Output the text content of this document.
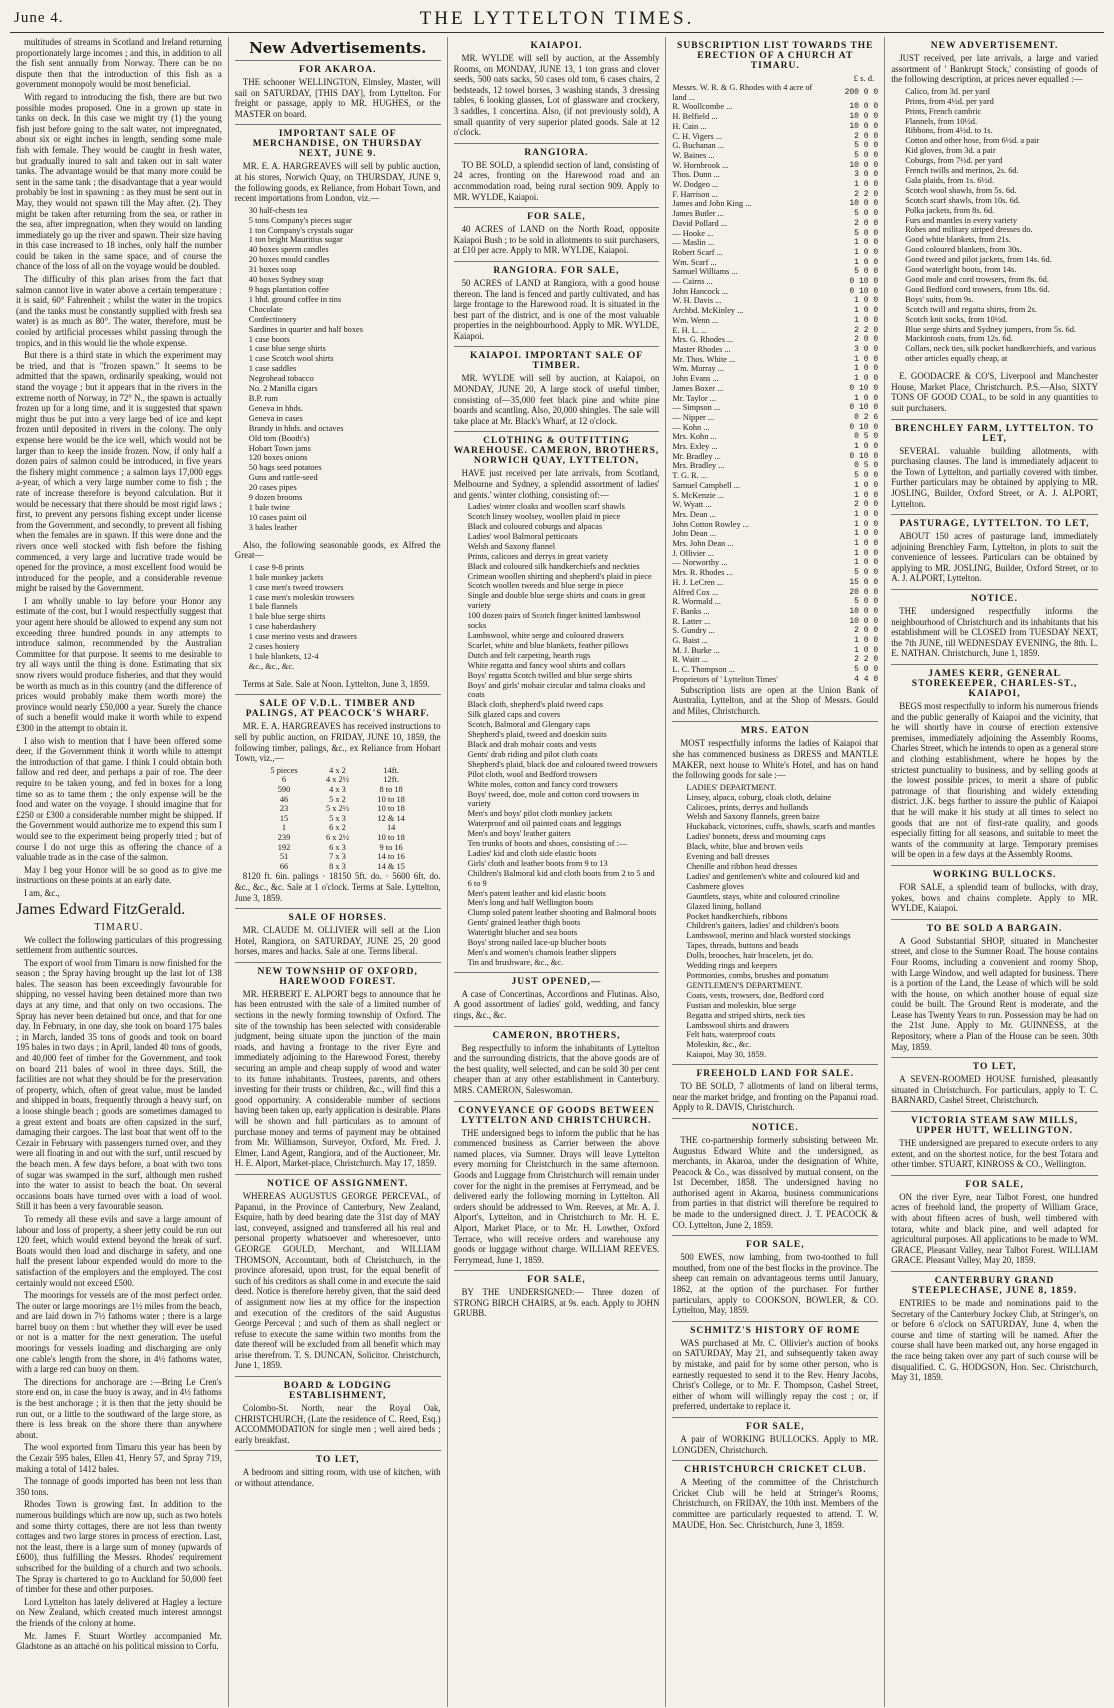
June 4.	THE LYTTELTON TIMES.

multitudes of streams in Scotland and Ireland returning proportionately large incomes ; and this, in addition to all the fish sent annually from Norway. There can be no dispute then that the introduction of this fish as a government monopoly would be most beneficial.

With regard to introducing the fish, there are but two possible modes proposed. One in a grown up state in tanks on deck. In this case we might try (1) the young fish just before going to the salt water, not impregnated, about six or eight inches in length, sending some male fish with female. They would be caught in fresh water, but gradually inured to salt and taken out in salt water tanks. The advantage would be that many more could be sent in the same tank ; the disadvantage that a year would probably be lost in spawning : as they must be sent out in May, they would not spawn till the May after. (2). They might be taken after returning from the sea, or rather in the sea, after impregnation, when they would on landing immediately go up the river and spawn. Their size having in this case increased to 18 inches, only half the number could be taken in the same space, and of course the chance of the loss of all on the voyage would be doubled.

The difficulty of this plan arises from the fact that salmon cannot live in water above a certain temperature : it is said, 60° Fahrenheit ; whilst the water in the tropics (and the tanks must be constantly supplied with fresh sea water) is as much as 80°. The water, therefore, must be cooled by artificial processes whilst passing through the tropics, and in this would lie the whole expense.

But there is a third state in which the experiment may be tried, and that is "frozen spawn." It seems to be admitted that the spawn, ordinarily speaking, would not stand the voyage ; but it appears that in the rivers in the extreme north of Norway, in 72° N., the spawn is actually frozen up for a long time, and it is suggested that spawn might thus be put into a very large bed of ice and kept frozen until deposited in rivers in the colony. The only expense here would be the ice well, which would not be larger than to keep the inside frozen. Now, if only half a dozen pairs of salmon could be introduced, in five years the fishery might commence ; a salmon lays 17,000 eggs a-year, of which a very large number come to fish ; the rate of increase therefore is beyond calculation. But it would be necessary that there should be most rigid laws ; first, to prevent any persons fishing except under license from the Government, and secondly, to prevent all fishing when the females are in spawn. If this were done and the rivers once well stocked with fish before the fishing commenced, a very large and lucrative trade would be opened for the province, a most excellent food would be introduced for the people, and a considerable revenue might be raised by the Government.

I am wholly unable to lay before your Honor any estimate of the cost, but I would respectfully suggest that your agent here should be allowed to expend any sum not exceeding three hundred pounds in any attempts to introduce salmon, recommended by the Australian Committee for that purpose. It seems to me desirable to try all ways until the thing is done. Estimating that six snow rivers would produce fisheries, and that they would be worth as much as in this country (and the difference of prices would probably make them worth more) the province would nearly £50,000 a year. Surely the chance of such a benefit would make it worth while to expend £300 in the attempt to obtain it.

I also wish to mention that I have been offered some deer, if the Government think it worth while to attempt the introduction of that game. I think I could obtain both fallow and red deer, and perhaps a pair of roe. The deer require to be taken young, and fed in boxes for a long time so as to tame them ; the only expense will be the food and water on the voyage. I should imagine that for £250 or £300 a considerable number might be shipped. If the Government would authorize me to expend this sum I would see to the experiment being properly tried ; but of course I do not urge this as offering the chance of a valuable trade as in the case of the salmon.

May I beg your Honor will be so good as to give me instructions on these points at an early date.

I am, &c.,

James Edward FitzGerald.
TIMARU.

We collect the following particulars of this progressing settlement from authentic sources.

The export of wool from Timaru is now finished for the season ; the Spray having brought up the last lot of 138 bales. The season has been exceedingly favourable for shipping, no vessel having been detained more than two days at any time, and that only on two occasions. The Spray has never been detained but once, and that for one day. In February, in one day, she took on board 175 bales ; in March, landed 35 tons of goods and took on board 195 bales in two days ; in April, landed 40 tons of goods, and 40,000 feet of timber for the Government, and took on board 211 bales of wool in three days. Still, the facilities are not what they should be for the preservation of property, which, often of great value, must be landed and shipped in boats, frequently through a heavy surf, on a loose shingle beach ; goods are sometimes damaged to a great extent and boats are often capsized in the surf, damaging their cargoes. The last boat that went off to the Cezair in February with passengers turned over, and they were all floating in and out with the surf, until rescued by the beach men. A few days before, a boat with two tons of sugar was swamped in the surf, although men rushed into the water to assist to beach the boat. On several occasions boats have turned over with a load of wool. Still it has been a very favourable season.

To remedy all these evils and save a large amount of labour and loss of property, a sheer jetty could be run out 120 feet, which would extend beyond the break of surf. Boats would then load and discharge in safety, and one half the present labour expended would do more to the satisfaction of the employers and the employed. The cost certainly would not exceed £500.

The moorings for vessels are of the most perfect order. The outer or large moorings are 1½ miles from the beach, and are laid down in 7½ fathoms water ; there is a large barrel buoy on them : but whether they will ever be used or not is a matter for the next generation. The useful moorings for vessels loading and discharging are only one cable's length from the shore, in 4½ fathoms water, with a large red can buoy on them.

The directions for anchorage are :—Bring Le Cren's store end on, in case the buoy is away, and in 4½ fathoms is the best anchorage ; it is then that the jetty should be run out, or a little to the southward of the large store, as there is less break on the shore there than anywhere about.

The wool exported from Timaru this year has been by the Cezair 595 bales, Ellen 41, Henry 57, and Spray 719, making a total of 1412 bales.

The tonnage of goods imported has been not less than 350 tons.

Rhodes Town is growing fast. In addition to the numerous buildings which are now up, such as two hotels and some thirty cottages, there are not less than twenty cottages and two large stores in process of erection. Last, not the least, there is a large sum of money (upwards of £600), thus fulfilling the Messrs. Rhodes' requirement subscribed for the building of a church and two schools. The Spray is chartered to go to Auckland for 50,000 feet of timber for these and other purposes.

Lord Lyttelton has lately delivered at Hagley a lecture on New Zealand, which created much interest amongst the friends of the colony at home.

Mr. James F. Stuart Wortley accompanied Mr. Gladstone as an attaché on his political mission to Corfu.

New Advertisements.
FOR AKAROA.

THE schooner WELLINGTON, Elmsley, Master, will sail on SATURDAY, [THIS DAY], from Lyttelton. For freight or passage, apply to MR. HUGHES, or the MASTER on board.

IMPORTANT SALE OF MERCHANDISE, ON THURSDAY NEXT, JUNE 9.

MR. E. A. HARGREAVES will sell by public auction, at his stores, Norwich Quay, on THURSDAY, JUNE 9, the following goods, ex Reliance, from Hobart Town, and recent importations from London, viz.—

30 half-chests tea
5 tons Company's pieces sugar
1 ton Company's crystals sugar
1 ton bright Mauritius sugar
40 boxes sperm candles
20 boxes mould candles
31 boxes soap
40 boxes Sydney soap
9 bags plantation coffee
1 hhd. ground coffee in tins
Chocolate
Confectionery
Sardines in quarter and half boxes
1 case boots
1 case blue serge shirts
1 case Scotch wool shirts
1 case saddles
Negrohead tobacco
No. 2 Manilla cigars
B.P. rum
Geneva in hhds.
Geneva in cases
Brandy in hhds. and octaves
Old tom (Booth's)
Hobart Town jams
120 boxes onions
50 bags seed potatoes
Guns and rattle-seed
20 cases pipes
9 dozen brooms
1 bale twine
10 cases paint oil
3 bales leather

Also, the following seasonable goods, ex Alfred the Great—

1 case 9-8 prints
1 bale monkey jackets
1 case men's tweed trowsers
1 case men's moleskin trowsers
1 bale flannels
1 bale blue serge shirts
1 case haberdashery
1 case merino vests and drawers
2 cases hosiery
1 bale blankets, 12-4
&c., &c., &c.

Terms at Sale. Sale at Noon. Lyttelton, June 3, 1859.

SALE OF V.D.L. TIMBER AND PALINGS, AT PEACOCK'S WHARF.

MR. E. A. HARGREAVES has received instructions to sell by public auction, on FRIDAY, JUNE 10, 1859, the following timber, palings, &c., ex Reliance from Hobart Town, viz.,—

5 pieces	4 x 2	14ft.
6	4 x 2½	12ft.
590	4 x 3	8 to 18
46	5 x 2	10 to 18
23	5 x 2½	10 to 18
15	5 x 3	12 & 14
1	6 x 2	14
239	6 x 2½	10 to 18
192	6 x 3	9 to 16
51	7 x 3	14 to 16
66	8 x 3	14 & 15

8120 ft. 6in. palings · 18150 5ft. do. · 5600 6ft. do. &c., &c., &c. Sale at 1 o'clock. Terms at Sale. Lyttelton, June 3, 1859.

SALE OF HORSES.

MR. CLAUDE M. OLLIVIER will sell at the Lion Hotel, Rangiora, on SATURDAY, JUNE 25, 20 good horses, mares and hacks. Sale at one. Terms liberal.

NEW TOWNSHIP OF OXFORD, HAREWOOD FOREST.

MR. HERBERT E. ALPORT begs to announce that he has been entrusted with the sale of a limited number of sections in the newly forming township of Oxford. The site of the township has been selected with considerable judgment, being situate upon the junction of the main roads, and having a frontage to the river Eyre and immediately adjoining to the Harewood Forest, thereby securing an ample and cheap supply of wood and water to its future inhabitants. Trustees, parents, and others investing for their trusts or children, &c., will find this a good opportunity. A considerable number of sections having been taken up, early application is desirable. Plans will be shown and full particulars as to amount of purchase money and terms of payment may be obtained from Mr. Williamson, Surveyor, Oxford, Mr. Fred. J. Elmer, Land Agent, Rangiora, and of the Auctioneer, Mr. H. E. Alport, Market-place, Christchurch. May 17, 1859.

NOTICE OF ASSIGNMENT.

WHEREAS AUGUSTUS GEORGE PERCEVAL, of Papanui, in the Province of Canterbury, New Zealand, Esquire, hath by deed bearing date the 31st day of MAY last, conveyed, assigned and transferred all his real and personal property whatsoever and wheresoever, unto GEORGE GOULD, Merchant, and WILLIAM THOMSON, Accountant, both of Christchurch, in the province aforesaid, upon trust, for the equal benefit of such of his creditors as shall come in and execute the said deed. Notice is therefore hereby given, that the said deed of assignment now lies at my office for the inspection and execution of the creditors of the said Augustus George Perceval ; and such of them as shall neglect or refuse to execute the same within two months from the date thereof will be excluded from all benefit which may arise therefrom. T. S. DUNCAN, Solicitor. Christchurch, June 1, 1859.

BOARD & LODGING ESTABLISHMENT,

Colombo-St. North, near the Royal Oak, CHRISTCHURCH, (Late the residence of C. Reed, Esq.) ACCOMMODATION for single men ; well aired beds ; early breakfast.

TO LET,

A bedroom and sitting room, with use of kitchen, with or without attendance.

KAIAPOI.

MR. WYLDE will sell by auction, at the Assembly Rooms, on MONDAY, JUNE 13, 1 ton grass and clover seeds, 500 oats sacks, 50 cases old tom, 6 cases chairs, 2 bedsteads, 12 towel horses, 3 washing stands, 3 dressing tables, 6 looking glasses, Lot of glassware and crockery, 3 saddles, 1 concertina. Also, (if not previously sold), A small quantity of very superior plated goods. Sale at 12 o'clock.

RANGIORA.

TO BE SOLD, a splendid section of land, consisting of 24 acres, fronting on the Harewood road and an accommodation road, being rural section 909. Apply to MR. WYLDE, Kaiapoi.

FOR SALE,

40 ACRES of LAND on the North Road, opposite Kaiapoi Bush ; to be sold in allotments to suit purchasers, at £10 per acre. Apply to MR. WYLDE, Kaiapoi.

RANGIORA. FOR SALE,

50 ACRES of LAND at Rangiora, with a good house thereon. The land is fenced and partly cultivated, and has large frontage to the Harewood road. It is situated in the best part of the district, and is one of the most valuable properties in the neighbourhood. Apply to MR. WYLDE, Kaiapoi.

KAIAPOI. IMPORTANT SALE OF TIMBER.

MR. WYLDE will sell by auction, at Kaiapoi, on MONDAY, JUNE 20, A large stock of useful timber, consisting of—35,000 feet black pine and white pine boards and scantling. Also, 20,000 shingles. The sale will take place at Mr. Black's Wharf, at 12 o'clock.

CLOTHING & OUTFITTING WAREHOUSE. CAMERON, BROTHERS, NORWICH QUAY, LYTTELTON,

HAVE just received per late arrivals, from Scotland, Melbourne and Sydney, a splendid assortment of ladies' and gents.' winter clothing, consisting of:—

Ladies' winter cloaks and woollen scarf shawls
Scotch linsey woolsey, woollen plaid in piece
Black and coloured coburgs and alpacas
Ladies' wool Balmoral petticoats
Welsh and Saxony flannel
Prints, calicoes and derrys in great variety
Black and coloured silk handkerchiefs and neckties
Crimean woollen shirting and shepherd's plaid in piece
Scotch woollen tweeds and blue serge in piece
Single and double blue serge shirts and coats in great variety
100 dozen pairs of Scotch finger knitted lambswool socks
Lambswool, white serge and coloured drawers
Scarlet, white and blue blankets, feather pillows
Dutch and felt carpeting, hearth rugs
White regatta and fancy wool shirts and collars
Boys' regatta Scotch twilled and blue serge shirts
Boys' and girls' mohair circular and talma cloaks and coats
Black cloth, shepherd's plaid tweed caps
Silk glazed caps and covers
Scotch, Balmoral and Glengary caps
Shepherd's plaid, tweed and doeskin suits
Black and drab mohair coats and vests
Gents' drab riding and pilot cloth coats
Shepherd's plaid, black doe and coloured tweed trowsers
Pilot cloth, wool and Bedford trowsers
White moles, cotton and fancy cord trowsers
Boys' tweed, doe, mole and cotton cord trowsers in variety
Men's and boys' pilot cloth monkey jackets
Waterproof and oil painted coats and leggings
Men's and boys' leather gaiters
Ten trunks of boots and shoes, consisting of :—
Ladies' kid and cloth side elastic boots
Girls' cloth and leather boots from 9 to 13
Children's Balmoral kid and cloth boots from 2 to 5 and 6 to 9
Men's patent leather and kid elastic boots
Men's long and half Wellington boots
Clump soled patent leather shooting and Balmoral boots
Gents' grained leather thigh boots
Watertight blucher and sea boots
Boys' strong nailed lace-up blucher boots
Men's and women's chamois leather slippers
Tin and brushware, &c., &c.
JUST OPENED,—

A case of Concertinas, Accordions and Flutinas. Also, A good assortment of ladies' gold, wedding, and fancy rings, &c., &c.

CAMERON, BROTHERS,

Beg respectfully to inform the inhabitants of Lyttelton and the surrounding districts, that the above goods are of the best quality, well selected, and can be sold 30 per cent cheaper than at any other establishment in Canterbury. MRS. CAMERON, Saleswoman.

CONVEYANCE OF GOODS BETWEEN LYTTELTON AND CHRISTCHURCH.

THE undersigned begs to inform the public that he has commenced business as Carrier between the above named places, via Sumner. Drays will leave Lyttelton every morning for Christchurch in the same afternoon. Goods and Luggage from Christchurch will remain under cover for the night in the premises at Ferrymead, and be delivered early the following morning in Lyttelton. All orders should be addressed to Wm. Reeves, at Mr. A. J. Alport's, Lyttelton, and in Christchurch to Mr. H. E. Alport, Market Place, or to Mr. H. Lowther, Oxford Terrace, who will receive orders and warehouse any goods or luggage without charge. WILLIAM REEVES. Ferrymead, June 1, 1859.

FOR SALE,

BY THE UNDERSIGNED:— Three dozen of STRONG BIRCH CHAIRS, at 9s. each. Apply to JOHN GRUBB.

SUBSCRIPTION LIST TOWARDS THE ERECTION OF A CHURCH AT TIMARU.
£ s. d.
Messrs. W. R. & G. Rhodes with 4 acre of land ...	200 0 0
R. Woollcombe ...	10 0 0
H. Belfield ...	10 0 0
H. Cain ...	10 0 0
C. H. Vigers ...	2 0 0
G. Buchanan ...	5 0 0
W. Baines ...	5 0 0
W. Hornbrook ...	10 0 0
Thos. Dunn ...	3 0 0
W. Dodgeo ...	1 0 0
F. Harrison ...	2 2 0
James and John King ...	10 0 0
James Butler ...	5 0 0
David Pollard ...	2 0 0
— Hooke ...	5 0 0
— Maslin ...	1 0 0
Robert Scarf ...	1 0 0
Wm. Scarf ...	1 0 0
Samuel Williams ...	5 0 0
— Cairns ...	0 10 0
John Hancock ...	0 10 0
W. H. Davis ...	1 0 0
Archbd. McKinley ...	1 0 0
Wm. Wenn ...	1 0 0
E. H. L. ...	2 2 0
Mrs. G. Rhodes ...	2 0 0
Master Rhodes ...	3 0 0
Mr. Thos. White ...	1 0 0
Wm. Murray ...	1 0 0
John Evans ...	1 0 0
James Boxer ...	0 10 0
Mr. Taylor ...	1 0 0
— Simpson ...	0 10 0
— Nipper ...	0 2 6
— Kohn ...	0 10 0
Mrs. Kohn ...	0 5 0
Mrs. Exley ...	1 0 0
Mr. Bradley ...	0 10 0
Mrs. Bradley ...	0 5 0
T. G. R. ...	5 0 0
Samuel Campbell ...	1 0 0
S. McKenzie ...	1 0 0
W. Wyatt ...	2 0 0
Mrs. Dean ...	1 0 0
John Cotton Rowley ...	1 0 0
John Dean ...	1 0 0
Mrs. John Dean ...	1 0 0
J. Ollivier ...	1 0 0
— Norworthy ...	1 0 0
Mrs. R. Rhodes ...	5 0 0
H. J. LeCren ...	15 0 0
Alfred Cox ...	20 0 0
R. Wormald ...	5 0 0
F. Banks ...	10 0 0
R. Latter ...	10 0 0
S. Gundry ...	2 0 0
G. Baist ...	1 0 0
M. J. Burke ...	1 0 0
R. Waitt ...	2 2 0
L. C. Thompson ...	5 0 0
Proprietors of ' Lyttelton Times'	4 4 0

Subscription lists are open at the Union Bank of Australia, Lyttelton, and at the Shop of Messrs. Gould and Miles, Christchurch.

MRS. EATON

MOST respectfully informs the ladies of Kaiapoi that she has commenced business as DRESS and MANTLE MAKER, next house to White's Hotel, and has on hand the following goods for sale :—

LADIES' DEPARTMENT.
Linsey, alpaca, coburg, cloak cloth, delaine
Calicoes, prints, derrys and hollands
Welsh and Saxony flannels, green baize
Huckaback, victorines, cuffs, shawls, scarfs and mantles
Ladies' bonnets, dress and mourning caps
Black, white, blue and brown veils
Evening and ball dresses
Chenille and ribbon head dresses
Ladies' and gentlemen's white and coloured kid and Cashmere gloves
Gauntlets, stays, white and coloured crinoline
Glazed lining, holland
Pocket handkerchiefs, ribbons
Children's gaiters, ladies' and children's boots
Lambswool, merino and black worsted stockings
Tapes, threads, buttons and beads
Dolls, brooches, hair bracelets, jet do.
Wedding rings and keepers
Portmonies, combs, brushes and pomatum
GENTLEMEN'S DEPARTMENT.
Coats, vests, trowsers, doe, Bedford cord
Fustian and moleskin, blue serge
Regatta and striped shirts, neck ties
Lambswool shirts and drawers
Felt hats, waterproof coats
Moleskin, &c., &c.
Kaiapoi, May 30, 1859.
FREEHOLD LAND FOR SALE.

TO BE SOLD, 7 allotments of land on liberal terms, near the market bridge, and fronting on the Papanui road. Apply to R. DAVIS, Christchurch.

NOTICE.

THE co-partnership formerly subsisting between Mr. Augustus Edward White and the undersigned, as merchants, in Akaroa, under the designation of White, Peacock & Co., was dissolved by mutual consent, on the 1st December, 1858. The undersigned having no authorised agent in Akaroa, business communications from parties in that district will therefore be required to be made to the undersigned direct. J. T. PEACOCK & CO. Lyttelton, June 2, 1859.

FOR SALE,

500 EWES, now lambing, from two-toothed to full mouthed, from one of the best flocks in the province. The sheep can remain on advantageous terms until January, 1862, at the option of the purchaser. For further particulars, apply to COOKSON, BOWLER, & CO. Lyttelton, May, 1859.

SCHMITZ'S HISTORY OF ROME

WAS purchased at Mr. C. Ollivier's auction of books on SATURDAY, May 21, and subsequently taken away by mistake, and paid for by some other person, who is earnestly requested to send it to the Rev. Henry Jacobs, Christ's College, or to Mr. F. Thompson, Cashel Street, either of whom will willingly repay the cost ; or, if preferred, undertake to replace it.

FOR SALE,

A pair of WORKING BULLOCKS. Apply to MR. LONGDEN, Christchurch.

CHRISTCHURCH CRICKET CLUB.

A Meeting of the committee of the Christchurch Cricket Club will be held at Stringer's Rooms, Christchurch, on FRIDAY, the 10th inst. Members of the committee are particularly requested to attend. T. W. MAUDE, Hon. Sec. Christchurch, June 3, 1859.

NEW ADVERTISEMENT.

JUST received, per late arrivals, a large and varied assortment of ' Bankrupt Stock,' consisting of goods of the following description, at prices never equalled :—

Calico, from 3d. per yard
Prints, from 4½d. per yard
Prints, French cambric
Flannels, from 10½d.
Ribbons, from 4½d. to 1s.
Cotton and other hose, from 6½d. a pair
Kid gloves, from 3d. a pair
Coburgs, from 7½d. per yard
French twills and merinos, 2s. 6d.
Gala plaids, from 1s. 6½d.
Scotch wool shawls, from 5s. 6d.
Scotch scarf shawls, from 10s. 6d.
Polka jackets, from 8s. 6d.
Furs and mantles in every variety
Robes and military striped dresses do.
Good white blankets, from 21s.
Good coloured blankets, from 30s.
Good tweed and pilot jackets, from 14s. 6d.
Good waterlight boots, from 14s.
Good mole and cord trowsers, from 8s. 6d.
Good Bedford cord trowsers, from 18s. 6d.
Boys' suits, from 9s.
Scotch twill and regatta shirts, from 2s.
Scotch knit socks, from 10½d.
Blue serge shirts and Sydney jumpers, from 5s. 6d.
Mackintosh coats, from 12s. 6d.
Collars, neck ties, silk pocket handkerchiefs, and various other articles equally cheap, at

E. GOODACRE & CO'S, Liverpool and Manchester House, Market Place, Christchurch. P.S.—Also, SIXTY TONS OF GOOD COAL, to be sold in any quantities to suit purchasers.

BRENCHLEY FARM, LYTTELTON. TO LET,

SEVERAL valuable building allotments, with purchasing clauses. The land is immediately adjacent to the Town of Lyttelton, and partially covered with timber. Further particulars may be obtained by applying to MR. JOSLING, Builder, Oxford Street, or A. J. ALPORT, Lyttelton.

PASTURAGE, LYTTELTON. TO LET,

ABOUT 150 acres of pasturage land, immediately adjoining Brenchley Farm, Lyttelton, in plots to suit the convenience of lessees. Particulars can be obtained by applying to MR. JOSLING, Builder, Oxford Street, or to A. J. ALPORT, Lyttelton.

NOTICE.

THE undersigned respectfully informs the neighbourhood of Christchurch and its inhabitants that his establishment will be CLOSED from TUESDAY NEXT, the 7th JUNE, till WEDNESDAY EVENING, the 8th. L. E. NATHAN. Christchurch, June 1, 1859.

JAMES KERR, GENERAL STOREKEEPER, CHARLES-ST., KAIAPOI,

BEGS most respectfully to inform his numerous friends and the public generally of Kaiapoi and the vicinity, that he will shortly have in course of erection extensive premises, immediately adjoining the Assembly Rooms, Charles Street, which he intends to open as a general store and clothing establishment, where he hopes by the strictest punctuality to business, and by selling goods at the lowest possible prices, to merit a share of public patronage of that flourishing and widely extending district. J.K. begs further to assure the public of Kaiapoi that he will make it his study at all times to select no goods that are not of first-rate quality, and goods especially fitting for all seasons, and suitable to meet the wants of the community at large. Temporary premises will be open in a few days at the Assembly Rooms.

WORKING BULLOCKS.

FOR SALE, a splendid team of bullocks, with dray, yokes, bows and chains complete. Apply to MR. WYLDE, Kaiapoi.

TO BE SOLD A BARGAIN.

A Good Substantial SHOP, situated in Manchester street, and close to the Sumner Road. The house contains Four Rooms, including a convenient and roomy Shop, with Large Window, and well adapted for business. There is a portion of the Land, the Lease of which will be sold with the house, on which another house of equal size could be built. The Ground Rent is moderate, and the Lease has Twenty Years to run. Possession may be had on the 21st June. Apply to Mr. GUINNESS, at the Repository, where a Plan of the House can be seen. 30th May, 1859.

TO LET,

A SEVEN-ROOMED HOUSE furnished, pleasantly situated in Christchurch. For particulars, apply to T. C. BARNARD, Cashel Street, Christchurch.

VICTORIA STEAM SAW MILLS, UPPER HUTT, WELLINGTON.

THE undersigned are prepared to execute orders to any extent, and on the shortest notice, for the best Totara and other timber. STUART, KINROSS & CO., Wellington.

FOR SALE,

ON the river Eyre, near Talbot Forest, one hundred acres of freehold land, the property of William Grace, with about fifteen acres of bush, well timbered with totara, white and black pine, and well adapted for agricultural purposes. All applications to be made to WM. GRACE, Pleasant Valley, near Talbot Forest. WILLIAM GRACE. Pleasant Valley, May 20, 1859.

CANTERBURY GRAND STEEPLECHASE, JUNE 8, 1859.

ENTRIES to be made and nominations paid to the Secretary of the Canterbury Jockey Club, at Stringer's, on or before 6 o'clock on SATURDAY, June 4, when the course and time of starting will be named. After the course shall have been marked out, any horse engaged in the race being taken over any part of such course will be disqualified. C. G. HODGSON, Hon. Sec. Christchurch, May 31, 1859.
